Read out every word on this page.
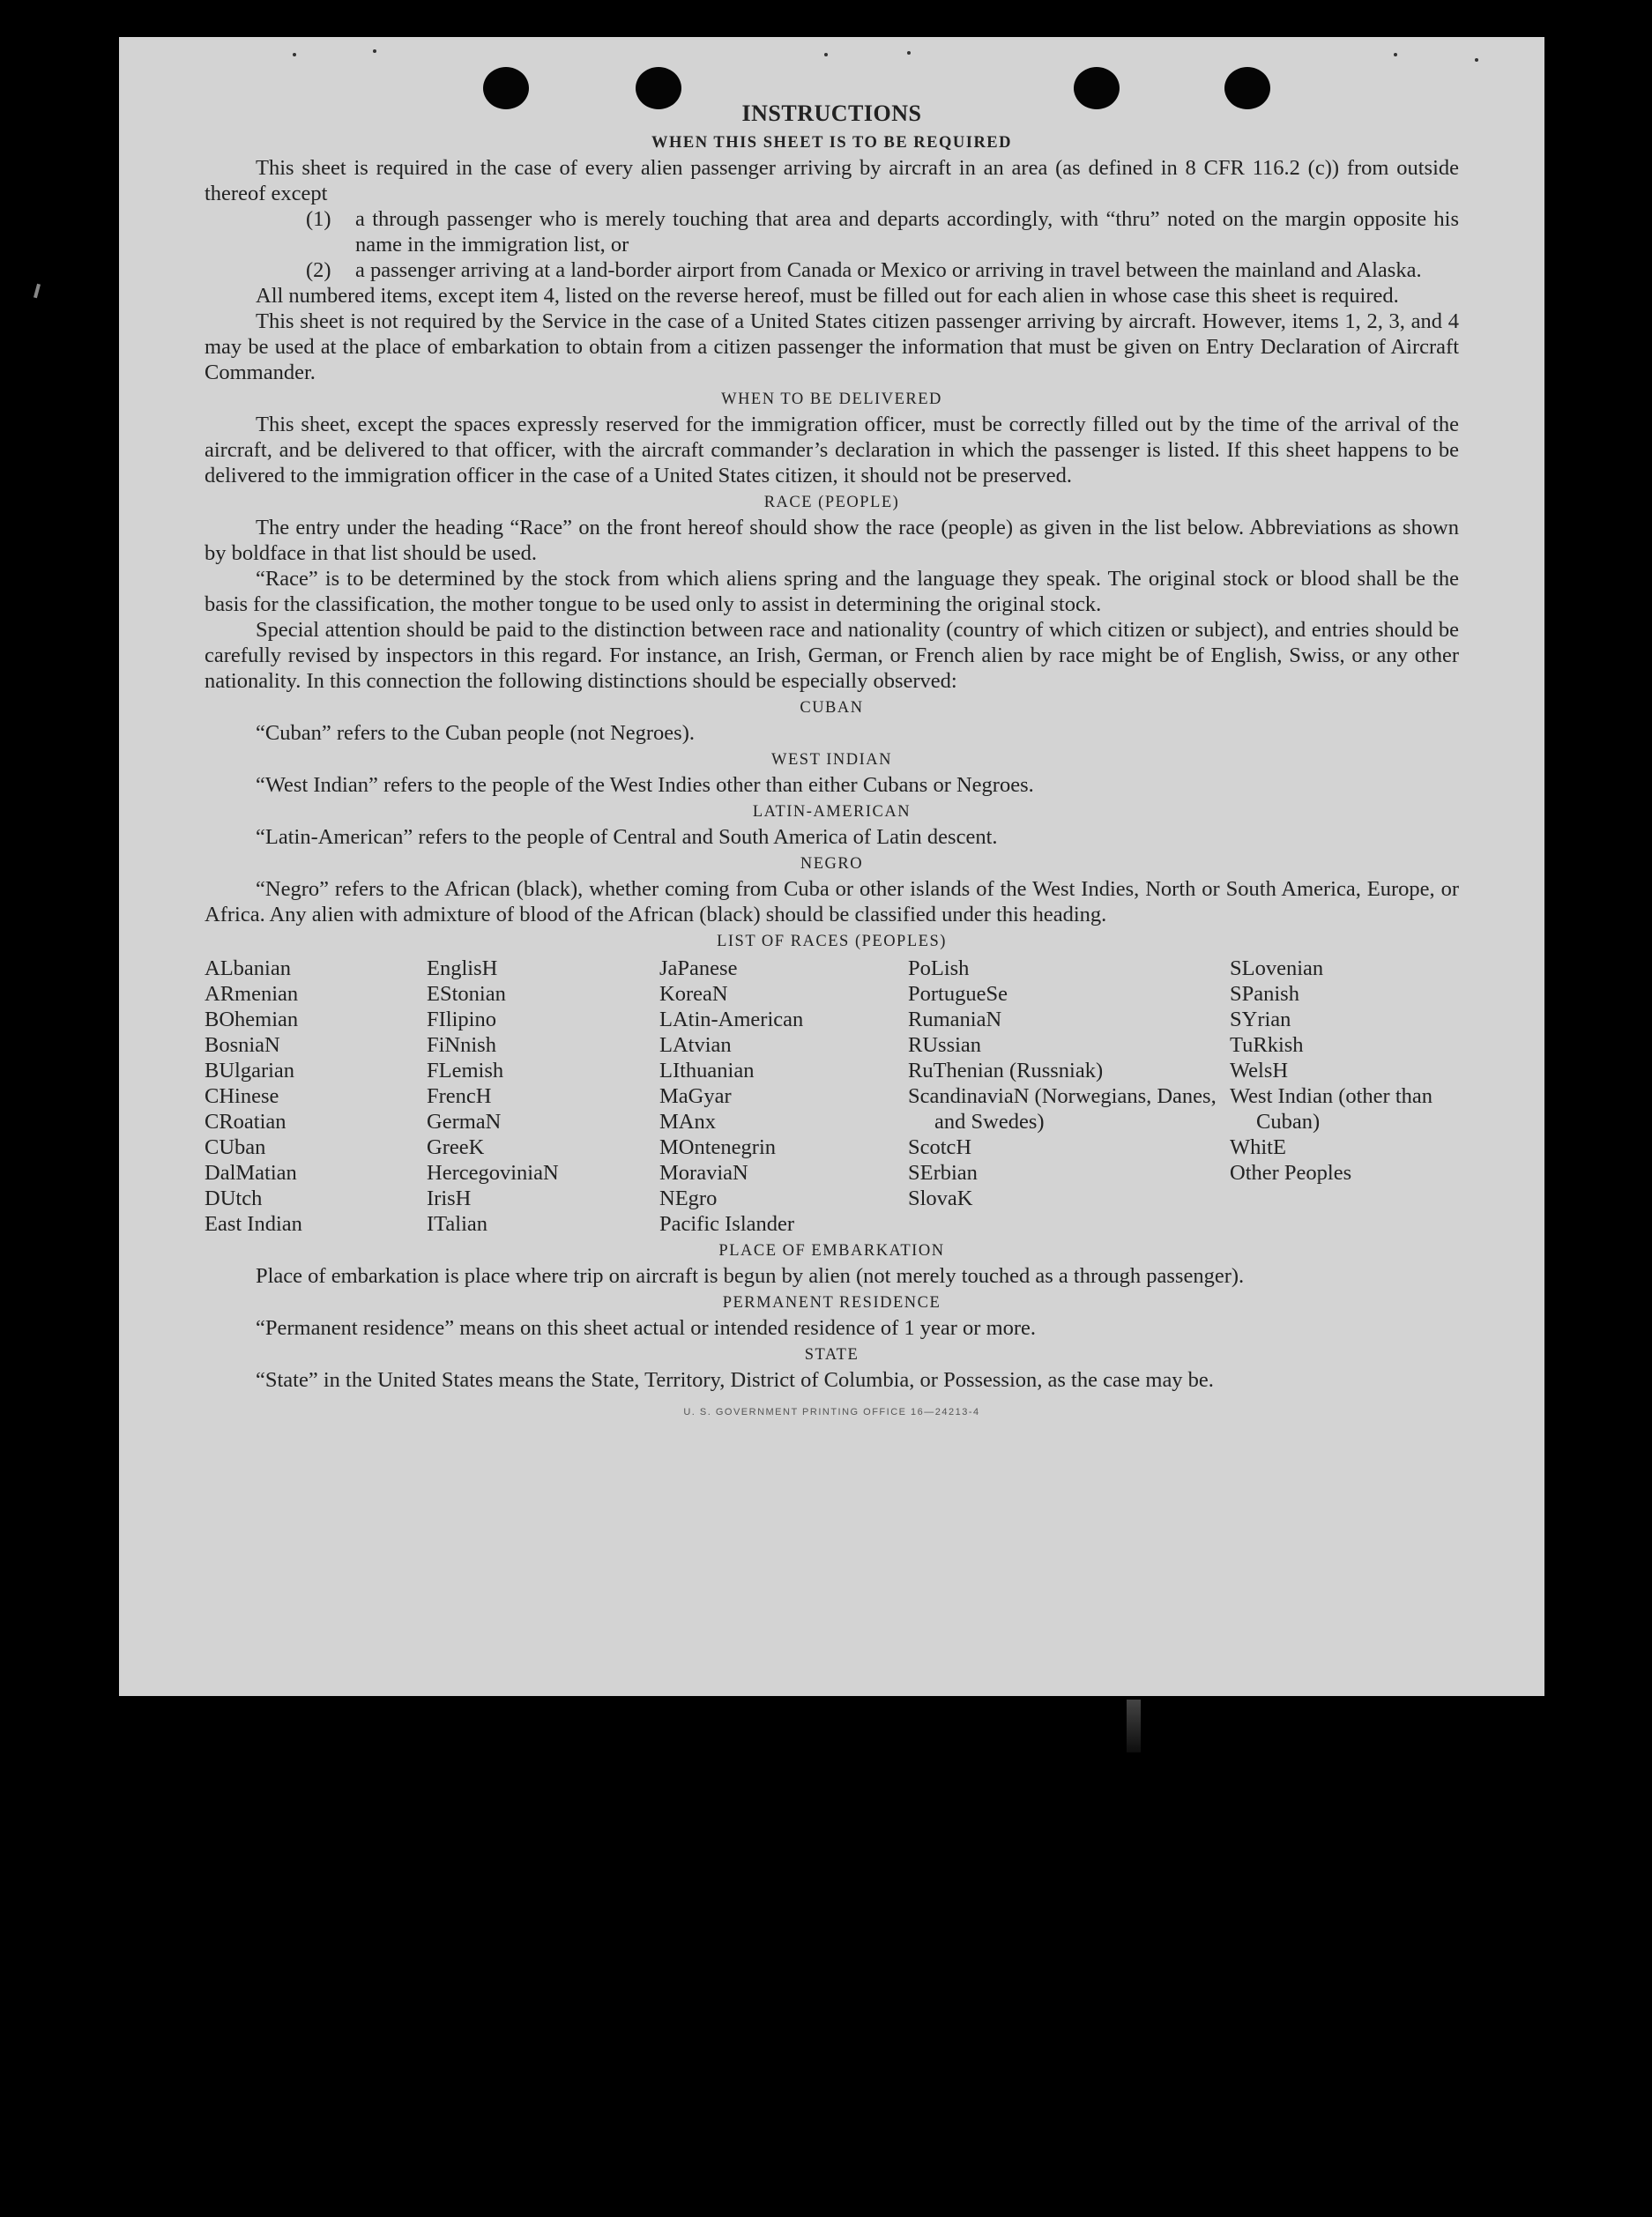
INSTRUCTIONS
WHEN THIS SHEET IS TO BE REQUIRED

This sheet is required in the case of every alien passenger arriving by aircraft in an area (as defined in 8 CFR 116.2 (c)) from outside thereof except

(1)	a through passenger who is merely touching that area and departs accordingly, with “thru” noted on the margin opposite his name in the immigration list, or
(2)	a passenger arriving at a land-border airport from Canada or Mexico or arriving in travel between the mainland and Alaska.

All numbered items, except item 4, listed on the reverse hereof, must be filled out for each alien in whose case this sheet is required.

This sheet is not required by the Service in the case of a United States citizen passenger arriving by aircraft. However, items 1, 2, 3, and 4 may be used at the place of embarkation to obtain from a citizen passenger the information that must be given on Entry Declaration of Aircraft Commander.

WHEN TO BE DELIVERED

This sheet, except the spaces expressly reserved for the immigration officer, must be correctly filled out by the time of the arrival of the aircraft, and be delivered to that officer, with the aircraft commander’s declaration in which the passenger is listed. If this sheet happens to be delivered to the immigration officer in the case of a United States citizen, it should not be preserved.

RACE (PEOPLE)

The entry under the heading “Race” on the front hereof should show the race (people) as given in the list below. Abbreviations as shown by boldface in that list should be used.

“Race” is to be determined by the stock from which aliens spring and the language they speak. The original stock or blood shall be the basis for the classification, the mother tongue to be used only to assist in determining the original stock.

Special attention should be paid to the distinction between race and nationality (country of which citizen or subject), and entries should be carefully revised by inspectors in this regard. For instance, an Irish, German, or French alien by race might be of English, Swiss, or any other nationality. In this connection the following distinctions should be especially observed:

CUBAN

“Cuban” refers to the Cuban people (not Negroes).

WEST INDIAN

“West Indian” refers to the people of the West Indies other than either Cubans or Negroes.

LATIN-AMERICAN

“Latin-American” refers to the people of Central and South America of Latin descent.

NEGRO

“Negro” refers to the African (black), whether coming from Cuba or other islands of the West Indies, North or South America, Europe, or Africa. Any alien with admixture of blood of the African (black) should be classified under this heading.

LIST OF RACES (PEOPLES)
ALbanian
ARmenian
BOhemian
BosniaN
BUlgarian
CHinese
CRoatian
CUban
DalMatian
DUtch
East Indian
EnglisH
EStonian
FIlipino
FiNnish
FLemish
FrencH
GermaN
GreeK
HercegoviniaN
IrisH
ITalian
JaPanese
KoreaN
LAtin-American
LAtvian
LIthuanian
MaGyar
MAnx
MOntenegrin
MoraviaN
NEgro
Pacific Islander
PoLish
PortugueSe
RumaniaN
RUssian
RuThenian (Russniak)
ScandinaviaN (Norwegians, Danes, and Swedes)
ScotcH
SErbian
SlovaK
SLovenian
SPanish
SYrian
TuRkish
WelsH
West Indian (other than Cuban)
WhitE
Other Peoples
PLACE OF EMBARKATION

Place of embarkation is place where trip on aircraft is begun by alien (not merely touched as a through passenger).

PERMANENT RESIDENCE

“Permanent residence” means on this sheet actual or intended residence of 1 year or more.

STATE

“State” in the United States means the State, Territory, District of Columbia, or Possession, as the case may be.

U. S. GOVERNMENT PRINTING OFFICE 16—24213-4
